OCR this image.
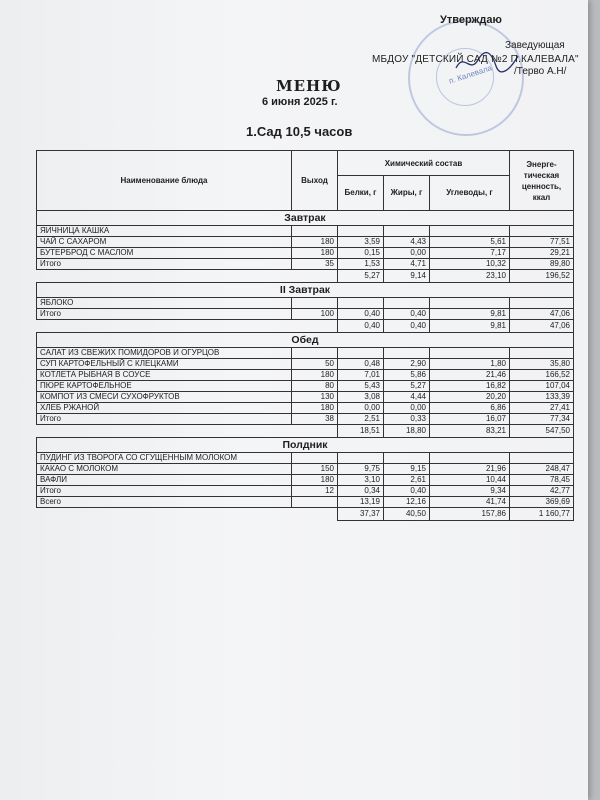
п. Калевала
Утверждаю
Заведующая
МБДОУ "ДЕТСКИЙ САД №2 П.КАЛЕВАЛА"
/Терво А.Н/
МЕНЮ
6 июня 2025 г.
1.Сад 10,5 часов
Наименование блюда	Выход	Химический состав			Энерге-тическая ценность, ккал
		Белки, г	Жиры, г	Углеводы, г	
Завтрак					
ЯИЧНИЦА КАШКА					
ЧАЙ С САХАРОМ	180	3,59	4,43	5,61	77,51
БУТЕРБРОД С МАСЛОМ	180	0,15	0,00	7,17	29,21
Итого	35	1,53	4,71	10,32	89,80
		5,27	9,14	23,10	196,52
II Завтрак					
ЯБЛОКО					
Итого	100	0,40	0,40	9,81	47,06
		0,40	0,40	9,81	47,06
Обед					
САЛАТ ИЗ СВЕЖИХ ПОМИДОРОВ И ОГУРЦОВ					
СУП КАРТОФЕЛЬНЫЙ С КЛЕЦКАМИ	50	0,48	2,90	1,80	35,80
КОТЛЕТА РЫБНАЯ В СОУСЕ	180	7,01	5,86	21,46	166,52
ПЮРЕ КАРТОФЕЛЬНОЕ	80	5,43	5,27	16,82	107,04
КОМПОТ ИЗ СМЕСИ СУХОФРУКТОВ	130	3,08	4,44	20,20	133,39
ХЛЕБ РЖАНОЙ	180	0,00	0,00	6,86	27,41
Итого	38	2,51	0,33	16,07	77,34
		18,51	18,80	83,21	547,50
Полдник					
ПУДИНГ ИЗ ТВОРОГА СО СГУЩЕННЫМ МОЛОКОМ					
КАКАО С МОЛОКОМ	150	9,75	9,15	21,96	248,47
ВАФЛИ	180	3,10	2,61	10,44	78,45
Итого	12	0,34	0,40	9,34	42,77
Всего		13,19	12,16	41,74	369,69
		37,37	40,50	157,86	1 160,77
